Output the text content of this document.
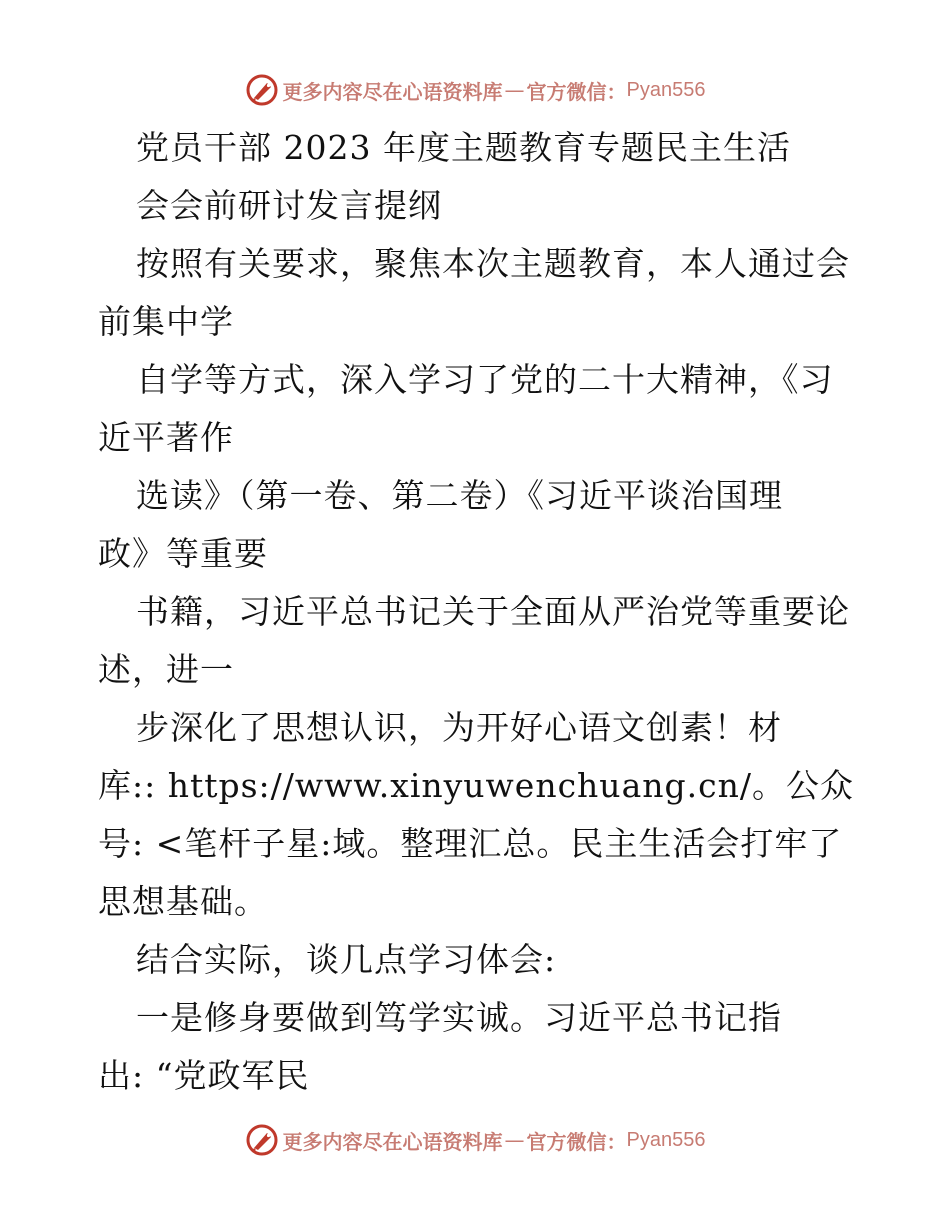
更多内容尽在心语资料库 — 官方微信： Pyan556
党员干部 2023 年度主题教育专题民主生活
会会前研讨发言提纲
按照有关要求，聚焦本次主题教育，本人通过会
前集中学
自学等方式，深入学习了党的二十大精神，《习
近平著作
选读》（第一卷、第二卷）《习近平谈治国理
政》等重要
书籍，习近平总书记关于全面从严治党等重要论
述，进一
步深化了思想认识，为开好心语文创素！材
库:: https://www.xinyuwenchuang.cn/。公众
号: <笔杆子星:域。整理汇总。民主生活会打牢了
思想基础。
结合实际，谈几点学习体会:
一是修身要做到笃学实诚。习近平总书记指
出: “党政军民
更多内容尽在心语资料库 — 官方微信： Pyan556
